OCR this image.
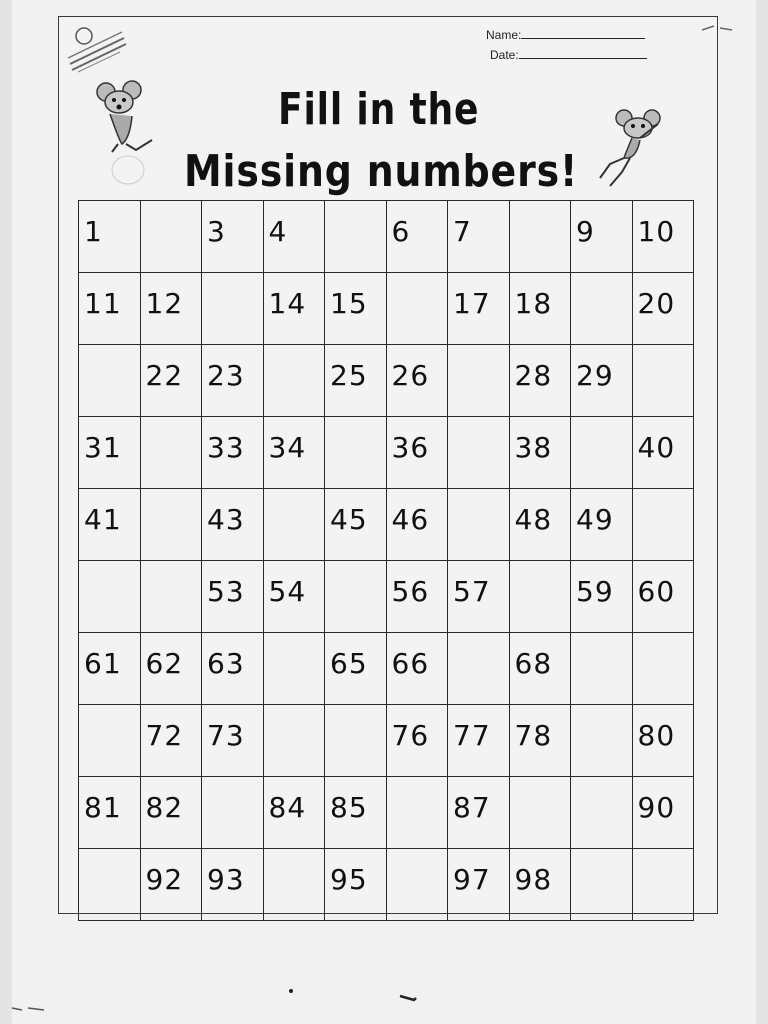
Name:
Date:
Fill in the
Missing numbers!
1		3	4		6	7		9	10

11	12		14	15		17	18		20

	22	23		25	26		28	29	

31		33	34		36		38		40

41		43		45	46		48	49	

		53	54		56	57		59	60

61	62	63		65	66		68		

	72	73			76	77	78		80

81	82		84	85		87			90

	92	93		95		97	98		
